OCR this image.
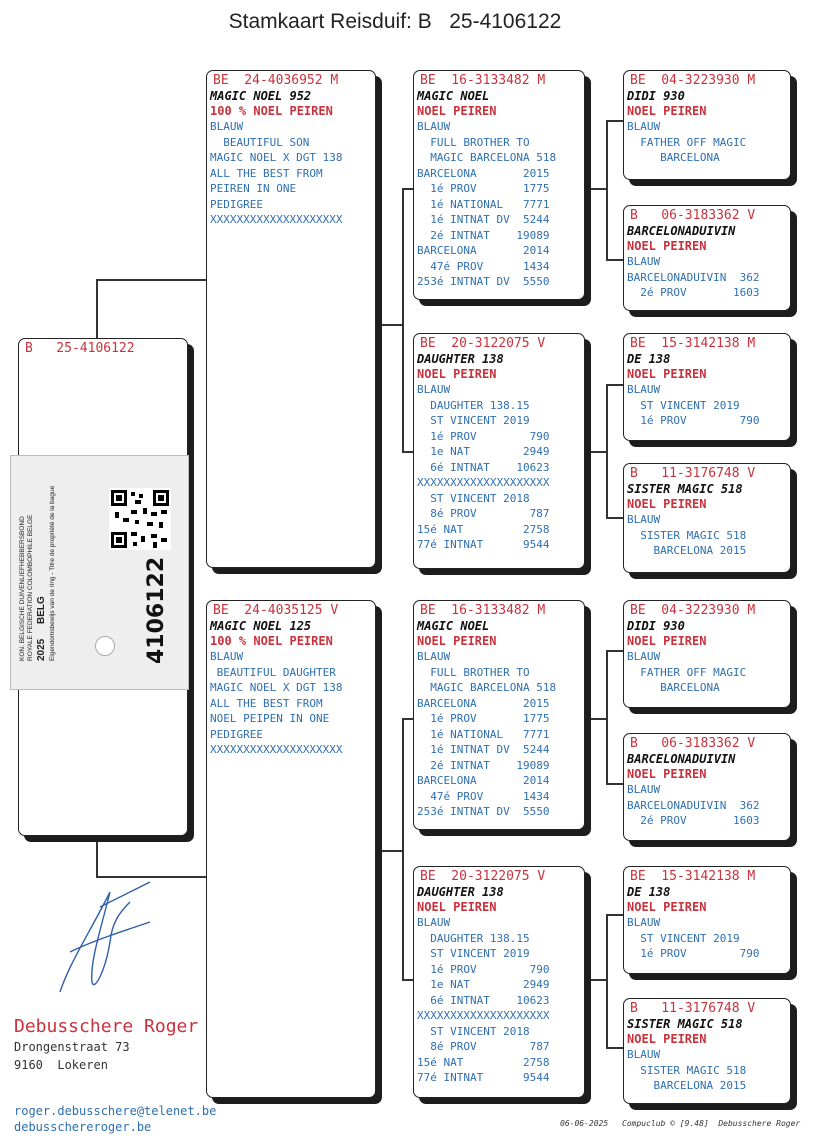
Stamkaart Reisduif: B   25-4106122
B   25-4106122
KON. BELGISCHE DUIVENLIEFHEBBERSBOND ROYALE FEDERATION COLOMBOPHILE BELGE 2025 BELG Eigendomsbewijs van de ring - Titre de propriété de la bague	4106122
BE  24-4036952 M
MAGIC NOEL 952
100 % NOEL PEIREN
BLAUW
BEAUTIFUL SON
MAGIC NOEL X DGT 138
ALL THE BEST FROM
PEIREN IN ONE
PEDIGREE
XXXXXXXXXXXXXXXXXXXX
BE  24-4035125 V
MAGIC NOEL 125
100 % NOEL PEIREN
BLAUW
BEAUTIFUL DAUGHTER
MAGIC NOEL X DGT 138
ALL THE BEST FROM
NOEL PEIPEN IN ONE
PEDIGREE
XXXXXXXXXXXXXXXXXXXX
BE  16-3133482 M
MAGIC NOEL
NOEL PEIREN
BLAUW
FULL BROTHER TO
MAGIC BARCELONA 518
BARCELONA       2015
1é PROV       1775
1é NATIONAL   7771
1é INTNAT DV  5244
2é INTNAT    19089
BARCELONA       2014
47é PROV      1434
253é INTNAT DV  5550
BE  20-3122075 V
DAUGHTER 138
NOEL PEIREN
BLAUW
DAUGHTER 138.15
ST VINCENT 2019
1é PROV        790
1e NAT        2949
6é INTNAT    10623
XXXXXXXXXXXXXXXXXXXX
ST VINCENT 2018
8é PROV        787
15é NAT         2758
77é INTNAT      9544
BE  16-3133482 M
MAGIC NOEL
NOEL PEIREN
BLAUW
FULL BROTHER TO
MAGIC BARCELONA 518
BARCELONA       2015
1é PROV       1775
1é NATIONAL   7771
1é INTNAT DV  5244
2é INTNAT    19089
BARCELONA       2014
47é PROV      1434
253é INTNAT DV  5550
BE  20-3122075 V
DAUGHTER 138
NOEL PEIREN
BLAUW
DAUGHTER 138.15
ST VINCENT 2019
1é PROV        790
1e NAT        2949
6é INTNAT    10623
XXXXXXXXXXXXXXXXXXXX
ST VINCENT 2018
8é PROV        787
15é NAT         2758
77é INTNAT      9544
BE  04-3223930 M
DIDI 930
NOEL PEIREN
BLAUW
FATHER OFF MAGIC
BARCELONA
B   06-3183362 V
BARCELONADUIVIN
NOEL PEIREN
BLAUW
BARCELONADUIVIN  362
2é PROV       1603
BE  15-3142138 M
DE 138
NOEL PEIREN
BLAUW
ST VINCENT 2019
1é PROV        790
B   11-3176748 V
SISTER MAGIC 518
NOEL PEIREN
BLAUW
SISTER MAGIC 518
BARCELONA 2015
BE  04-3223930 M
DIDI 930
NOEL PEIREN
BLAUW
FATHER OFF MAGIC
BARCELONA
B   06-3183362 V
BARCELONADUIVIN
NOEL PEIREN
BLAUW
BARCELONADUIVIN  362
2é PROV       1603
BE  15-3142138 M
DE 138
NOEL PEIREN
BLAUW
ST VINCENT 2019
1é PROV        790
B   11-3176748 V
SISTER MAGIC 518
NOEL PEIREN
BLAUW
SISTER MAGIC 518
BARCELONA 2015
Debusschere Roger
Drongenstraat 73
9160  Lokeren
roger.debusschere@telenet.be
debusschereroger.be	06-06-2025 Compuclub © [9.48]  Debusschere Roger
